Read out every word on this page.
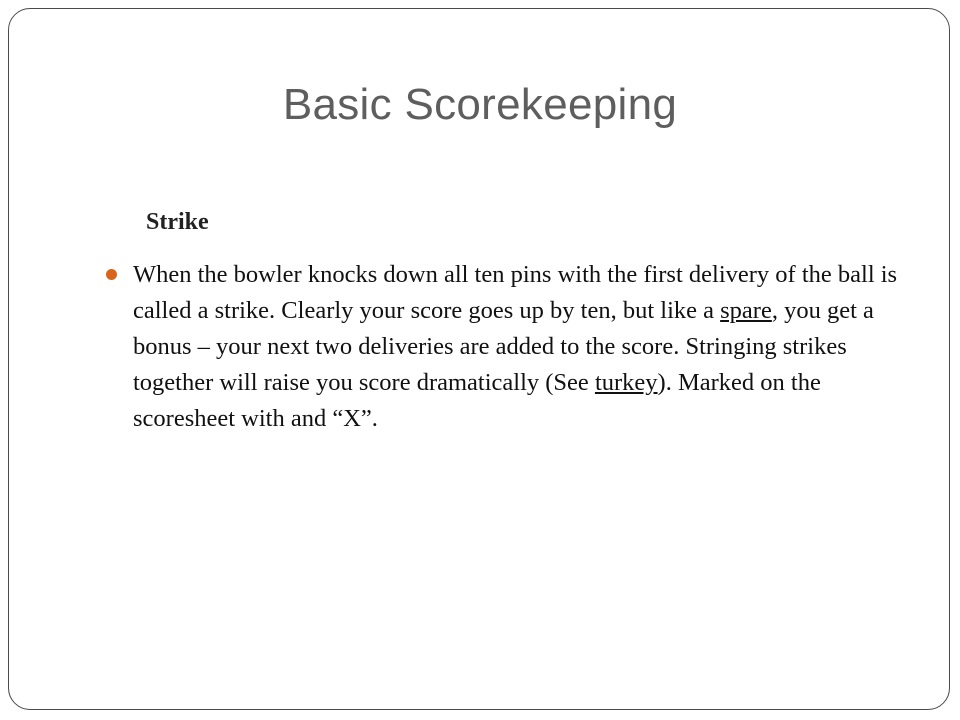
Basic Scorekeeping
Strike
When the bowler knocks down all ten pins with the first delivery of the ball is called a strike. Clearly your score goes up by ten, but like a spare, you get a bonus – your next two deliveries are added to the score. Stringing strikes together will raise you score dramatically (See turkey). Marked on the scoresheet with and “X”.
